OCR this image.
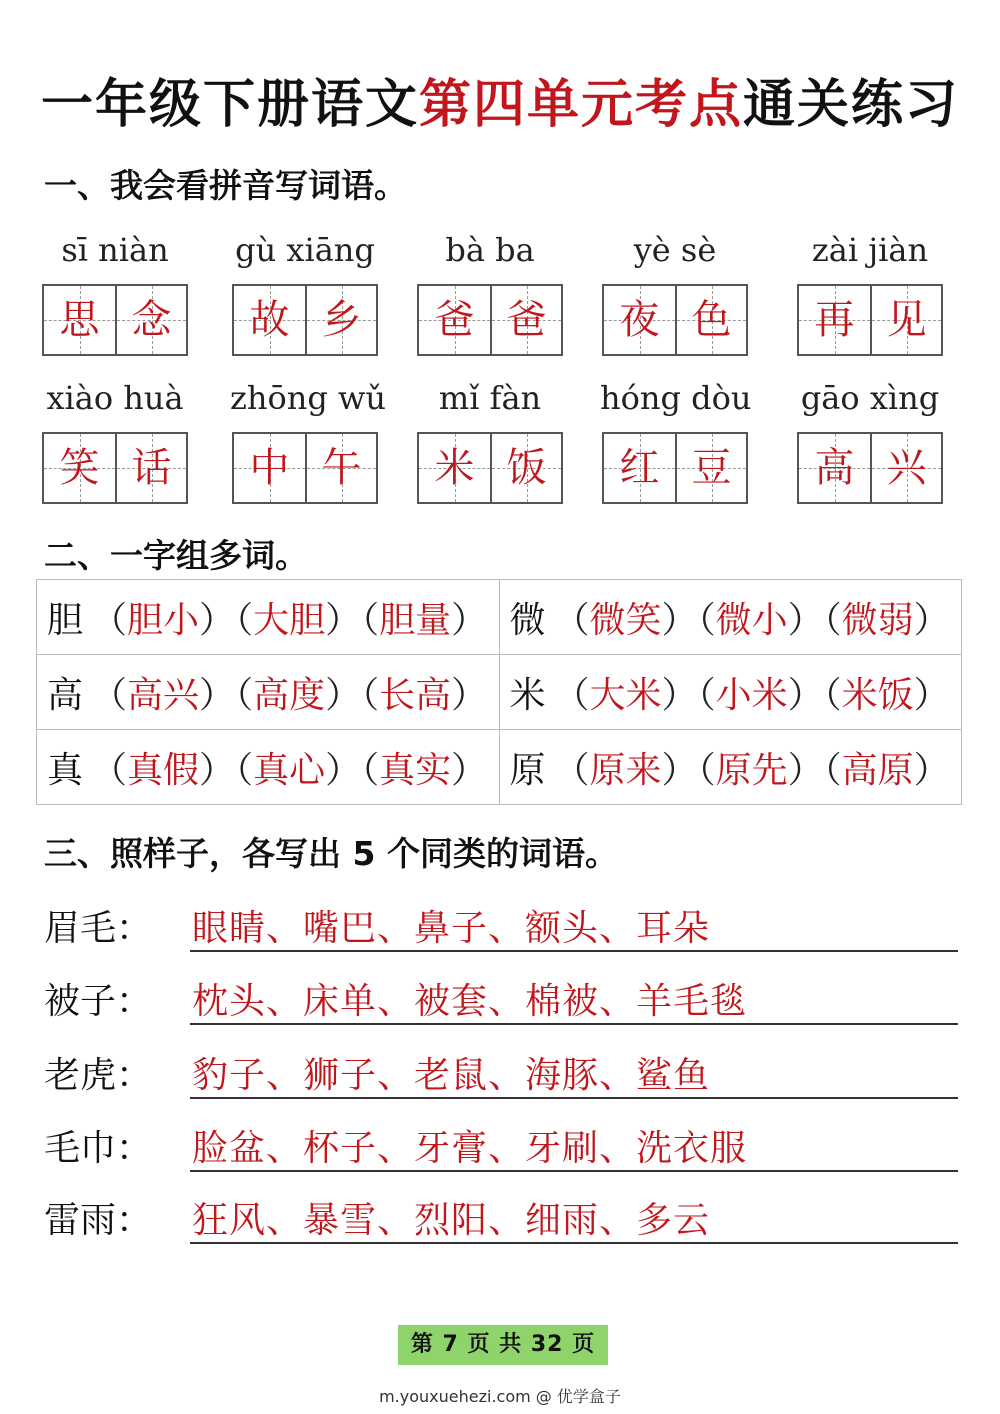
一年级下册语文第四单元考点通关练习
一、我会看拼音写词语。
sī niàn
思 念
gù xiāng
故 乡
bà ba
爸 爸
yè sè
夜 色
zài jiàn
再 见
xiào huà
笑 话
zhōng wǔ
中 午
mǐ fàn
米 饭
hóng dòu
红 豆
gāo xìng
高 兴
二、一字组多词。
胆 （胆小）（大胆）（胆量）	微 （微笑）（微小）（微弱）
高 （高兴）（高度）（长高）	米 （大米）（小米）（米饭）
真 （真假）（真心）（真实）	原 （原来）（原先）（高原）
三、照样子，各写出 5 个同类的词语。
眉毛： 眼睛、嘴巴、鼻子、额头、耳朵
被子： 枕头、床单、被套、棉被、羊毛毯
老虎： 豹子、狮子、老鼠、海豚、鲨鱼
毛巾： 脸盆、杯子、牙膏、牙刷、洗衣服
雷雨： 狂风、暴雪、烈阳、细雨、多云
第 7 页 共 32 页
m.youxuehezi.com @ 优学盒子
